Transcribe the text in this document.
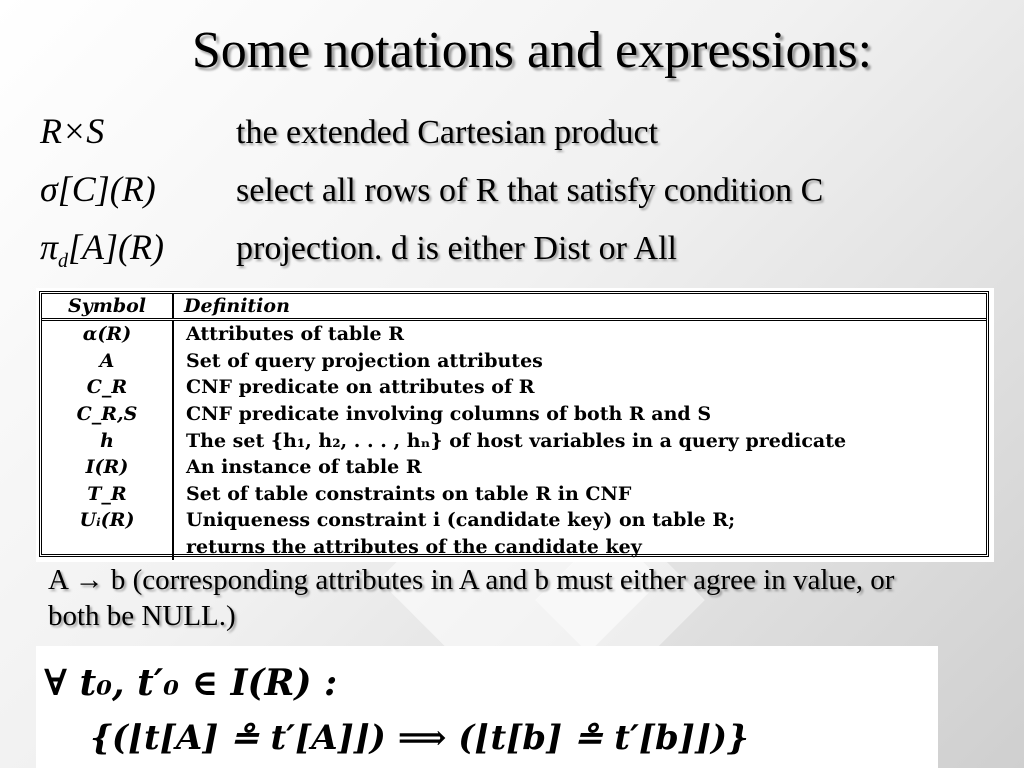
Some notations and expressions:
R×S	the extended Cartesian product
σ[C](R) select all rows of R that satisfy condition C
$\pi_d[A](R)$ projection. d is either Dist or All
Symbol	Definition
α(R)	Attributes of table R
A	Set of query projection attributes
C_R	CNF predicate on attributes of R
C_R,S	CNF predicate involving columns of both R and S
h	The set {h₁, h₂, . . . , hₙ} of host variables in a query predicate
I(R)	An instance of table R
T_R	Set of table constraints on table R in CNF
Uᵢ(R)	Uniqueness constraint i (candidate key) on table R;
	returns the attributes of the candidate key
A → b (corresponding attributes in A and b must either agree in value, or both be NULL.)
∀ t₀, t′₀ ∈ I(R) :
{(⌊t[A] ≗ t′[A]⌋) ⟹ (⌊t[b] ≗ t′[b]⌋)}
